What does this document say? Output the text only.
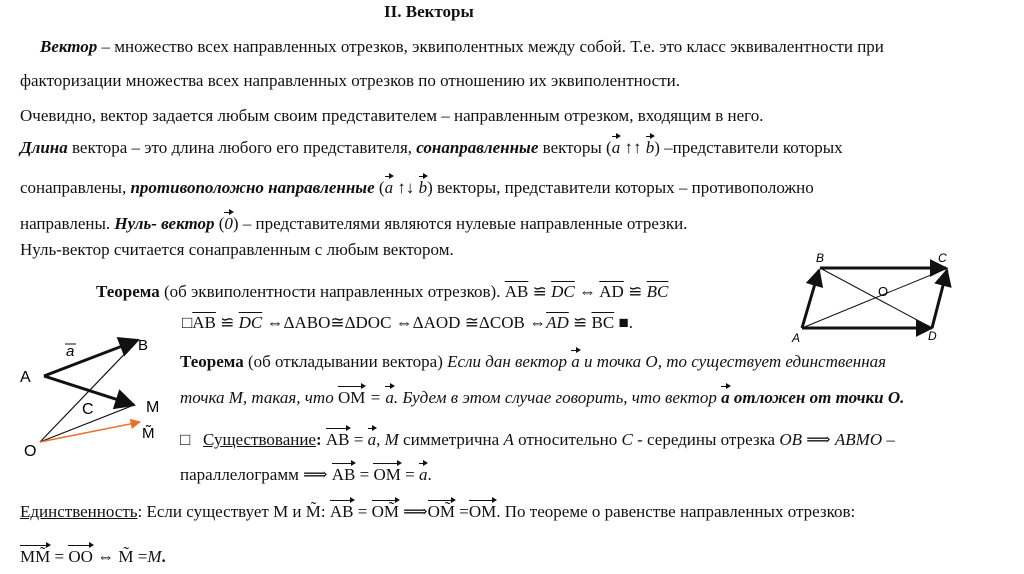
II. Векторы
Вектор – множество всех направленных отрезков, эквиполентных между собой. Т.е. это класс эквивалентности при
факторизации множества всех направленных отрезков по отношению их эквиполентности.
Очевидно, вектор задается любым своим представителем – направленным отрезком, входящим в него.
Длина вектора – это длина любого его представителя, сонаправленные векторы (a ↑↑ b) –представители которых
сонаправлены, противоположно направленные (a ↑↓ b) векторы, представители которых – противоположно
направлены. Нуль- вектор (0) – представителями являются нулевые направленные отрезки.
Нуль-вектор считается сонаправленным с любым вектором.
Теорема (об эквиполентности направленных отрезков). $\overline{AB}$ ≌ $\overline{DC}$ ⇔ $\overline{AD}$ ≌ $\overline{BC}$
$□\overline{AB}$ ≌ $\overline{DC}$ ⇔ΔABO≅ΔDOC ⇔ΔAOD ≅ΔCOB $\Leftrightarrow\overline{AD}$ ≌ $\overline{BC}$ ■.
Теорема (об откладывании вектора) Если дан вектор a и точка O, то существует единственная
точка M, такая, что OM = a. Будем в этом случае говорить, что вектор a отложен от точки O.
□ Существование: AB = a, M симметрична A относительно C - середины отрезка OB ⟹ ABMO –
параллелограмм ⟹ AB = OM = a.
Единственность: Если существует M и M̃: AB = OM̃ ⟹OM̃ =OM. По теореме о равенстве направленных отрезков:
MM̃ = OO ⇔ M̃ =M.
a
A
B
C	M
M̃
O
B	C
O
A	D
